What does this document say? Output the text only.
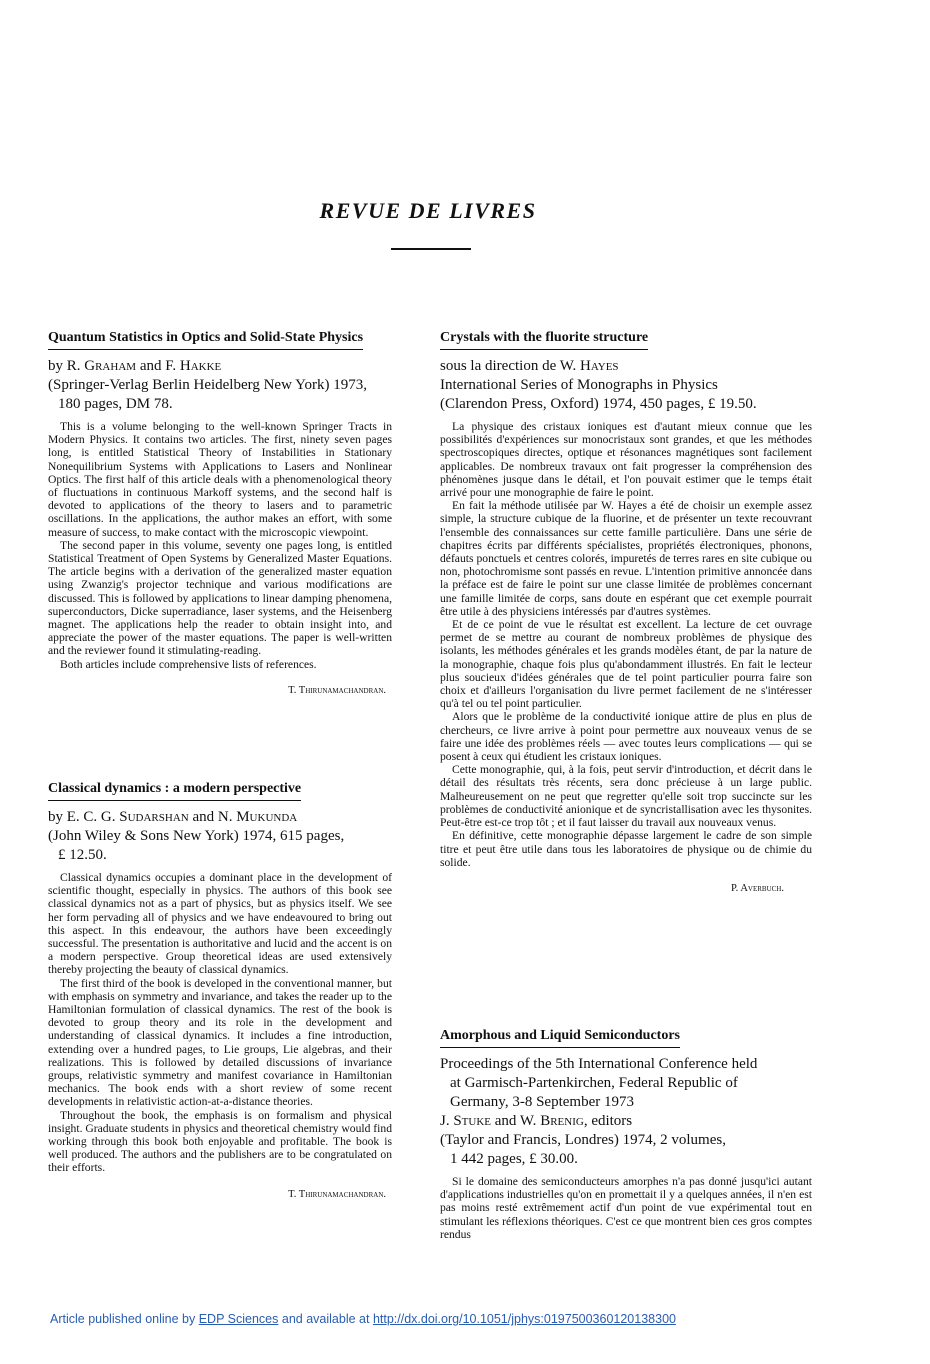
REVUE DE LIVRES
Quantum Statistics in Optics and Solid-State Physics
by R. Graham and F. Hakke
(Springer-Verlag Berlin Heidelberg New York) 1973,
180 pages, DM 78.

This is a volume belonging to the well-known Springer Tracts in Modern Physics. It contains two articles. The first, ninety seven pages long, is entitled Statistical Theory of Instabilities in Stationary Nonequilibrium Systems with Applications to Lasers and Nonlinear Optics. The first half of this article deals with a phenomenological theory of fluctuations in continuous Markoff systems, and the second half is devoted to applications of the theory to lasers and to parametric oscillations. In the applications, the author makes an effort, with some measure of success, to make contact with the microscopic viewpoint.

The second paper in this volume, seventy one pages long, is entitled Statistical Treatment of Open Systems by Generalized Master Equations. The article begins with a derivation of the generalized master equation using Zwanzig's projector technique and various modifications are discussed. This is followed by applications to linear damping phenomena, superconductors, Dicke superradiance, laser systems, and the Heisenberg magnet. The applications help the reader to obtain insight into, and appreciate the power of the master equations. The paper is well-written and the reviewer found it stimulating-reading.

Both articles include comprehensive lists of references.

T. Thirunamachandran.
Classical dynamics : a modern perspective
by E. C. G. Sudarshan and N. Mukunda
(John Wiley & Sons New York) 1974, 615 pages,
£ 12.50.

Classical dynamics occupies a dominant place in the development of scientific thought, especially in physics. The authors of this book see classical dynamics not as a part of physics, but as physics itself. We see her form pervading all of physics and we have endeavoured to bring out this aspect. In this endeavour, the authors have been exceedingly successful. The presentation is authoritative and lucid and the accent is on a modern perspective. Group theoretical ideas are used extensively thereby projecting the beauty of classical dynamics.

The first third of the book is developed in the conventional manner, but with emphasis on symmetry and invariance, and takes the reader up to the Hamiltonian formulation of classical dynamics. The rest of the book is devoted to group theory and its role in the development and understanding of classical dynamics. It includes a fine introduction, extending over a hundred pages, to Lie groups, Lie algebras, and their realizations. This is followed by detailed discussions of invariance groups, relativistic symmetry and manifest covariance in Hamiltonian mechanics. The book ends with a short review of some recent developments in relativistic action-at-a-distance theories.

Throughout the book, the emphasis is on formalism and physical insight. Graduate students in physics and theoretical chemistry would find working through this book both enjoyable and profitable. The book is well produced. The authors and the publishers are to be congratulated on their efforts.

T. Thirunamachandran.
Crystals with the fluorite structure
sous la direction de W. Hayes
International Series of Monographs in Physics
(Clarendon Press, Oxford) 1974, 450 pages, £ 19.50.

La physique des cristaux ioniques est d'autant mieux connue que les possibilités d'expériences sur monocristaux sont grandes, et que les méthodes spectroscopiques directes, optique et résonances magnétiques sont facilement applicables. De nombreux travaux ont fait progresser la compréhension des phénomènes jusque dans le détail, et l'on pouvait estimer que le temps était arrivé pour une monographie de faire le point.

En fait la méthode utilisée par W. Hayes a été de choisir un exemple assez simple, la structure cubique de la fluorine, et de présenter un texte recouvrant l'ensemble des connaissances sur cette famille particulière. Dans une série de chapitres écrits par différents spécialistes, propriétés électroniques, phonons, défauts ponctuels et centres colorés, impuretés de terres rares en site cubique ou non, photochromisme sont passés en revue. L'intention primitive annoncée dans la préface est de faire le point sur une classe limitée de problèmes concernant une famille limitée de corps, sans doute en espérant que cet exemple pourrait être utile à des physiciens intéressés par d'autres systèmes.

Et de ce point de vue le résultat est excellent. La lecture de cet ouvrage permet de se mettre au courant de nombreux problèmes de physique des isolants, les méthodes générales et les grands modèles étant, de par la nature de la monographie, chaque fois plus qu'abondamment illustrés. En fait le lecteur plus soucieux d'idées générales que de tel point particulier pourra faire son choix et d'ailleurs l'organisation du livre permet facilement de ne s'intéresser qu'à tel ou tel point particulier.

Alors que le problème de la conductivité ionique attire de plus en plus de chercheurs, ce livre arrive à point pour permettre aux nouveaux venus de se faire une idée des problèmes réels — avec toutes leurs complications — qui se posent à ceux qui étudient les cristaux ioniques.

Cette monographie, qui, à la fois, peut servir d'introduction, et décrit dans le détail des résultats très récents, sera donc précieuse à un large public. Malheureusement on ne peut que regretter qu'elle soit trop succincte sur les problèmes de conductivité anionique et de syncristallisation avec les thysonites. Peut-être est-ce trop tôt ; et il faut laisser du travail aux nouveaux venus.

En définitive, cette monographie dépasse largement le cadre de son simple titre et peut être utile dans tous les laboratoires de physique ou de chimie du solide.

P. Averbuch.
Amorphous and Liquid Semiconductors
Proceedings of the 5th International Conference held
at Garmisch-Partenkirchen, Federal Republic of
Germany, 3-8 September 1973
J. Stuke and W. Brenig, editors
(Taylor and Francis, Londres) 1974, 2 volumes,
1 442 pages, £ 30.00.

Si le domaine des semiconducteurs amorphes n'a pas donné jusqu'ici autant d'applications industrielles qu'on en promettait il y a quelques années, il n'en est pas moins resté extrêmement actif d'un point de vue expérimental tout en stimulant les réflexions théoriques. C'est ce que montrent bien ces gros comptes rendus

Article published online by EDP Sciences and available at http://dx.doi.org/10.1051/jphys:0197500360120138300
